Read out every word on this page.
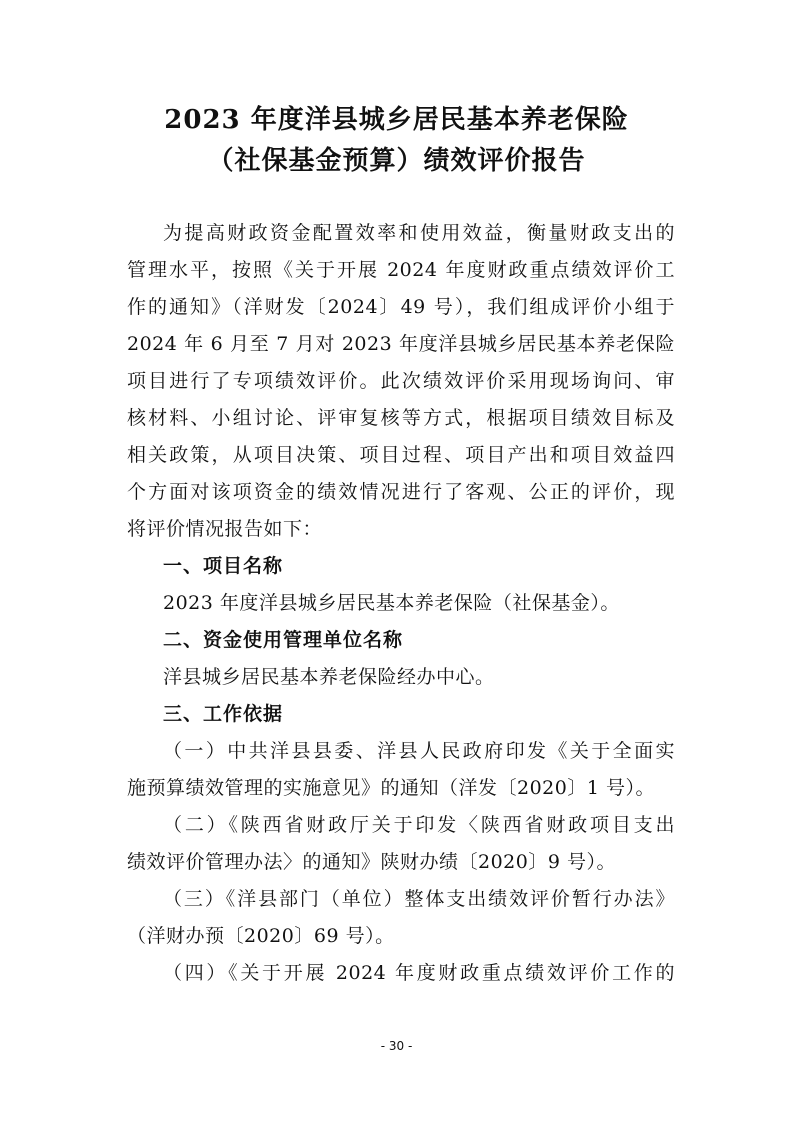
2023 年度洋县城乡居民基本养老保险
（社保基金预算）绩效评价报告
为提高财政资金配置效率和使用效益，衡量财政支出的
管理水平，按照《关于开展 2024 年度财政重点绩效评价工
作的通知》（洋财发〔2024〕49 号），我们组成评价小组于
2024 年 6 月至 7 月对 2023 年度洋县城乡居民基本养老保险
项目进行了专项绩效评价。此次绩效评价采用现场询问、审
核材料、小组讨论、评审复核等方式，根据项目绩效目标及
相关政策，从项目决策、项目过程、项目产出和项目效益四
个方面对该项资金的绩效情况进行了客观、公正的评价，现
将评价情况报告如下：
一、项目名称
2023 年度洋县城乡居民基本养老保险（社保基金）。
二、资金使用管理单位名称
洋县城乡居民基本养老保险经办中心。
三、工作依据
（一）中共洋县县委、洋县人民政府印发《关于全面实
施预算绩效管理的实施意见》的通知（洋发〔2020〕1 号）。
（二）《陕西省财政厅关于印发〈陕西省财政项目支出
绩效评价管理办法〉的通知》陕财办绩〔2020〕9 号）。
（三）《洋县部门（单位）整体支出绩效评价暂行办法》
（洋财办预〔2020〕69 号）。
（四）《关于开展 2024 年度财政重点绩效评价工作的
- 30 -
